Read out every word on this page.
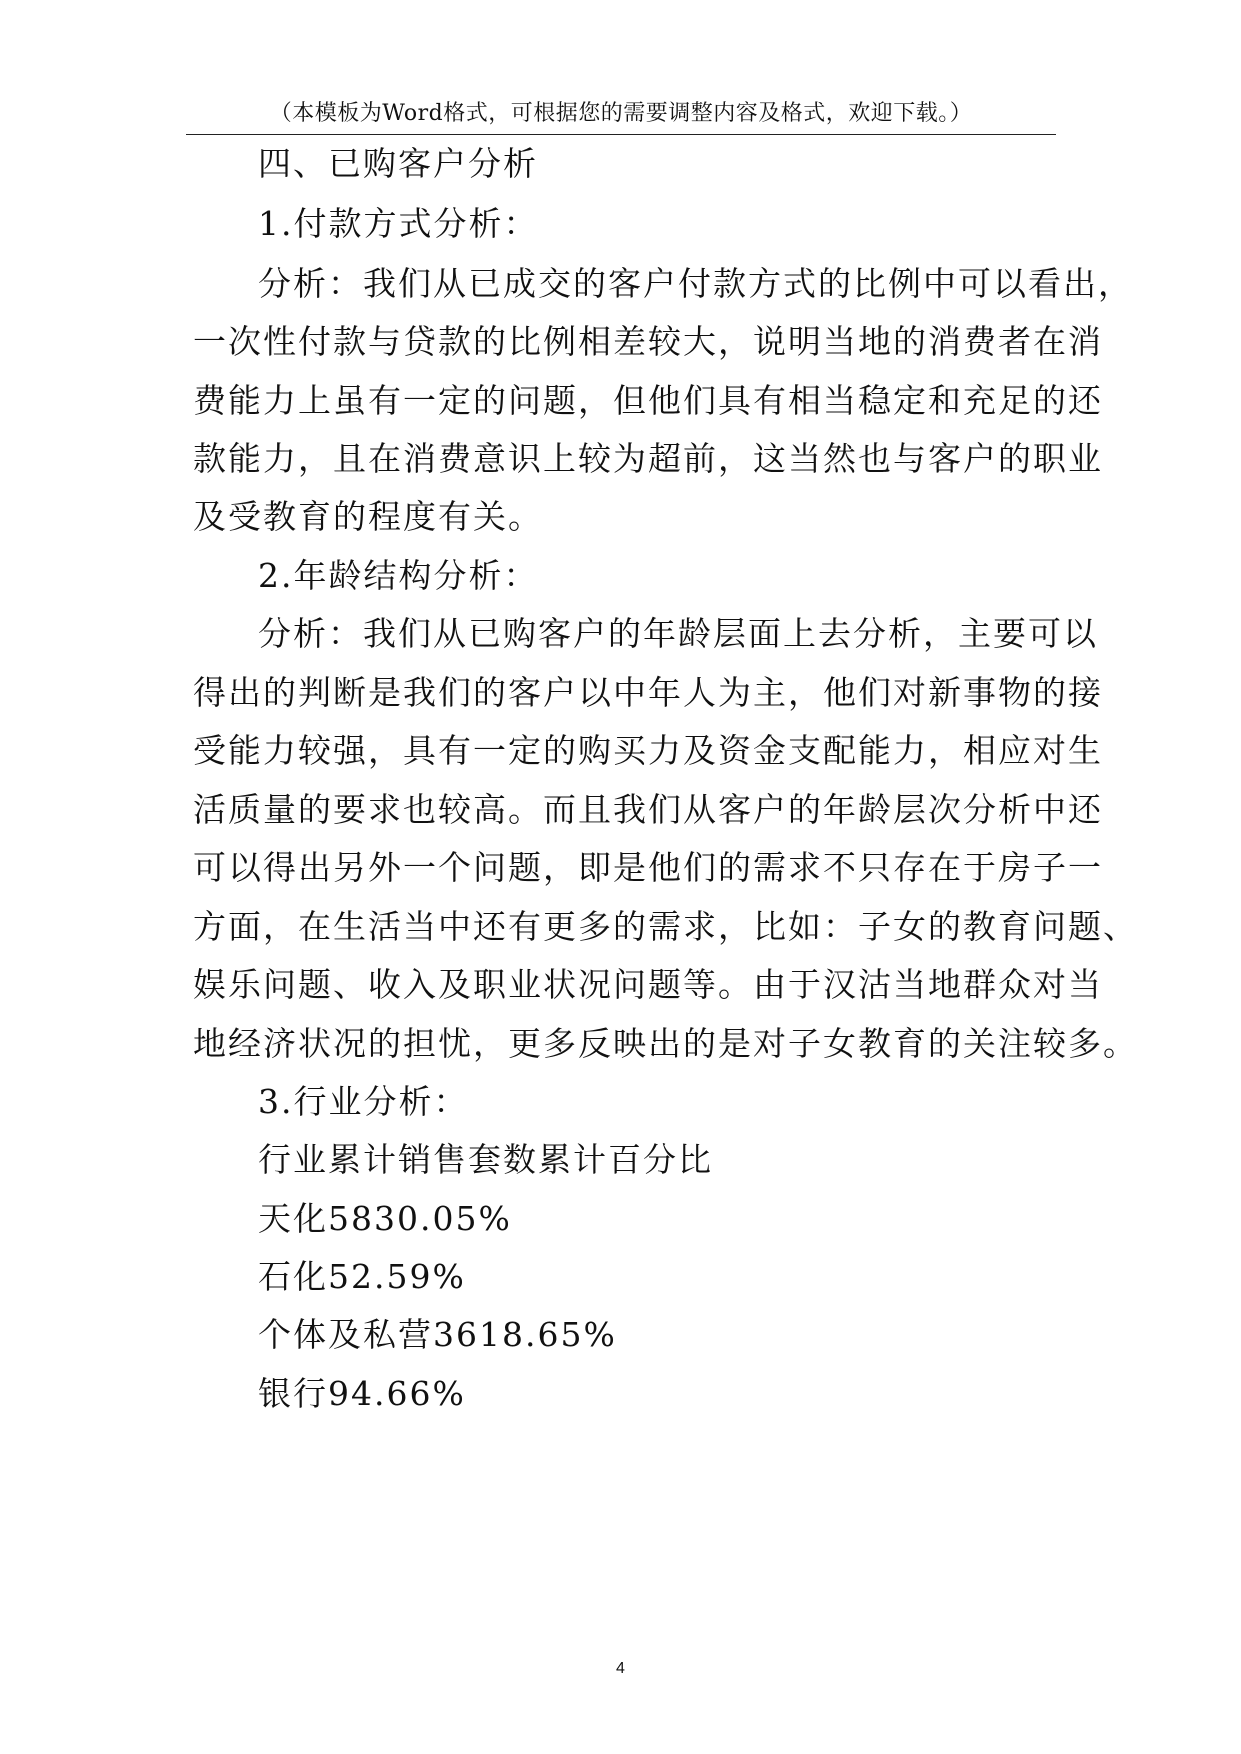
（本模板为Word格式，可根据您的需要调整内容及格式，欢迎下载。）
四、已购客户分析
1.付款方式分析：
分析：我们从已成交的客户付款方式的比例中可以看出，
一次性付款与贷款的比例相差较大，说明当地的消费者在消
费能力上虽有一定的问题，但他们具有相当稳定和充足的还
款能力，且在消费意识上较为超前，这当然也与客户的职业
及受教育的程度有关。
2.年龄结构分析：
分析：我们从已购客户的年龄层面上去分析，主要可以
得出的判断是我们的客户以中年人为主，他们对新事物的接
受能力较强，具有一定的购买力及资金支配能力，相应对生
活质量的要求也较高。而且我们从客户的年龄层次分析中还
可以得出另外一个问题，即是他们的需求不只存在于房子一
方面，在生活当中还有更多的需求，比如：子女的教育问题、
娱乐问题、收入及职业状况问题等。由于汉沽当地群众对当
地经济状况的担忧，更多反映出的是对子女教育的关注较多。
3.行业分析：
行业累计销售套数累计百分比
天化5830.05%
石化52.59%
个体及私营3618.65%
银行94.66%
4
